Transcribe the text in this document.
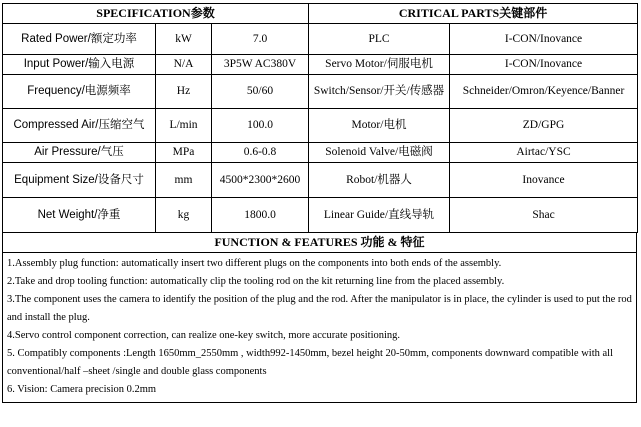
SPECIFICATION参数			CRITICAL PARTS关键部件	
Rated Power/额定功率	kW	7.0	PLC	I-CON/Inovance
Input Power/输入电源	N/A	3P5W AC380V	Servo Motor/伺服电机	I-CON/Inovance
Frequency/电源频率	Hz	50/60	Switch/Sensor/开关/传感器	Schneider/Omron/Keyence/Banner
Compressed Air/压缩空气	L/min	100.0	Motor/电机	ZD/GPG
Air Pressure/气压	MPa	0.6-0.8	Solenoid Valve/电磁阀	Airtac/YSC
Equipment Size/设备尺寸	mm	4500*2300*2600	Robot/机器人	Inovance
Net Weight/净重	kg	1800.0	Linear Guide/直线导轨	Shac
FUNCTION & FEATURES 功能 & 特征

1.Assembly plug function: automatically insert two different plugs on the components into both ends of the assembly.

2.Take and drop tooling function: automatically clip the tooling rod on the kit returning line from the placed assembly.

3.The component uses the camera to identify the position of the plug and the rod. After the manipulator is in place, the cylinder is used to put the rod and install the plug.

4.Servo control component correction, can realize one-key switch, more accurate positioning.

5. Compatibly components :Length 1650mm_2550mm , width992-1450mm, bezel height 20-50mm, components downward compatible with all conventional/half –sheet /single and double glass components

6. Vision: Camera precision 0.2mm
